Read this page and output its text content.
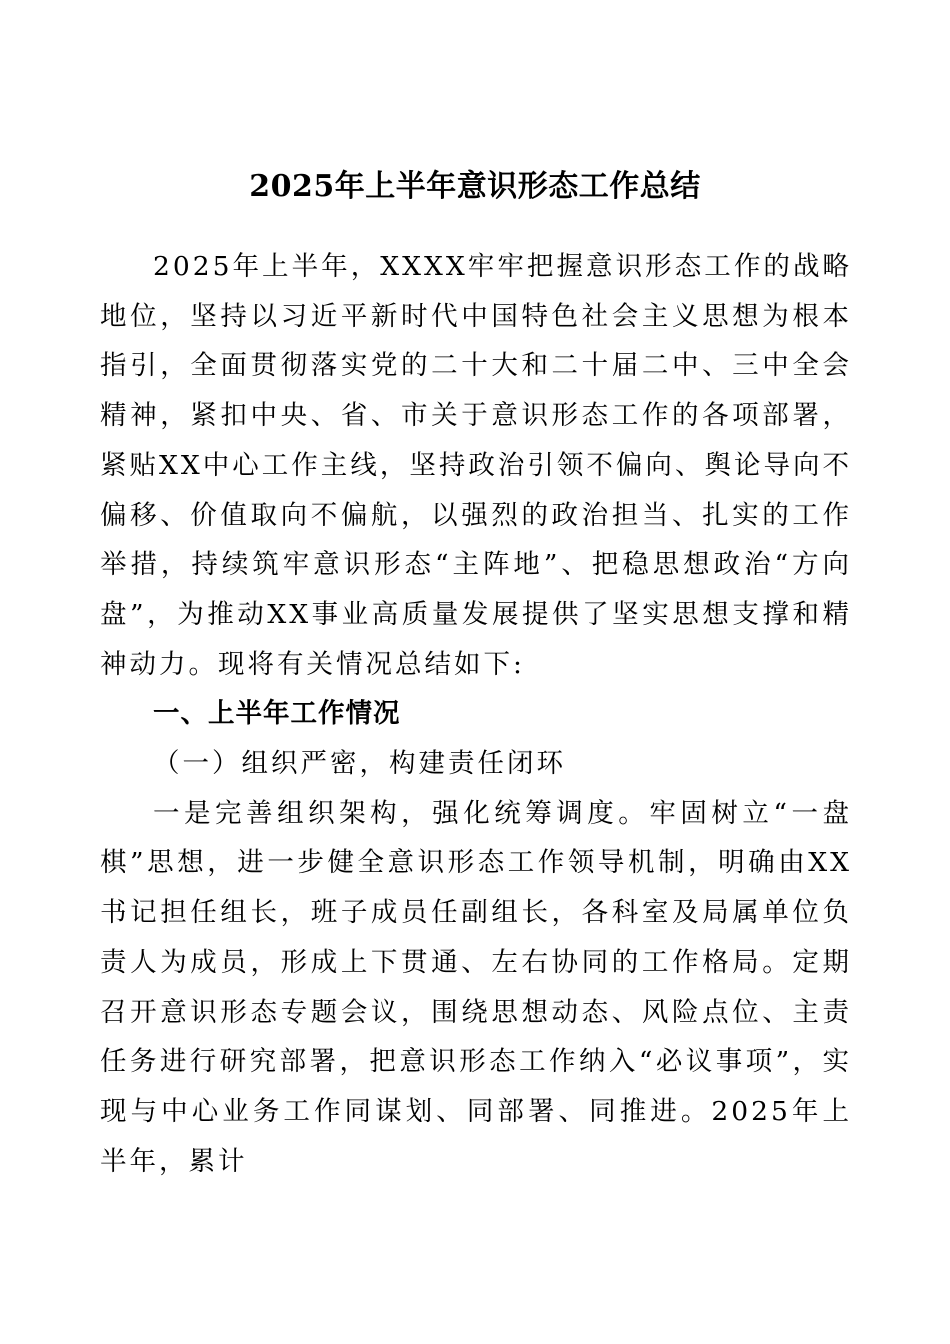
2025年上半年意识形态工作总结

2025年上半年，XXXX牢牢把握意识形态工作的战略地位，坚持以习近平新时代中国特色社会主义思想为根本指引，全面贯彻落实党的二十大和二十届二中、三中全会精神，紧扣中央、省、市关于意识形态工作的各项部署，紧贴XX中心工作主线，坚持政治引领不偏向、舆论导向不偏移、价值取向不偏航，以强烈的政治担当、扎实的工作举措，持续筑牢意识形态“主阵地”、把稳思想政治“方向盘”，为推动XX事业高质量发展提供了坚实思想支撑和精神动力。现将有关情况总结如下:

一、上半年工作情况

（一）组织严密，构建责任闭环

一是完善组织架构，强化统筹调度。牢固树立“一盘棋”思想，进一步健全意识形态工作领导机制，明确由XX书记担任组长，班子成员任副组长，各科室及局属单位负责人为成员，形成上下贯通、左右协同的工作格局。定期召开意识形态专题会议，围绕思想动态、风险点位、主责任务进行研究部署，把意识形态工作纳入“必议事项”，实现与中心业务工作同谋划、同部署、同推进。2025年上半年，累计
